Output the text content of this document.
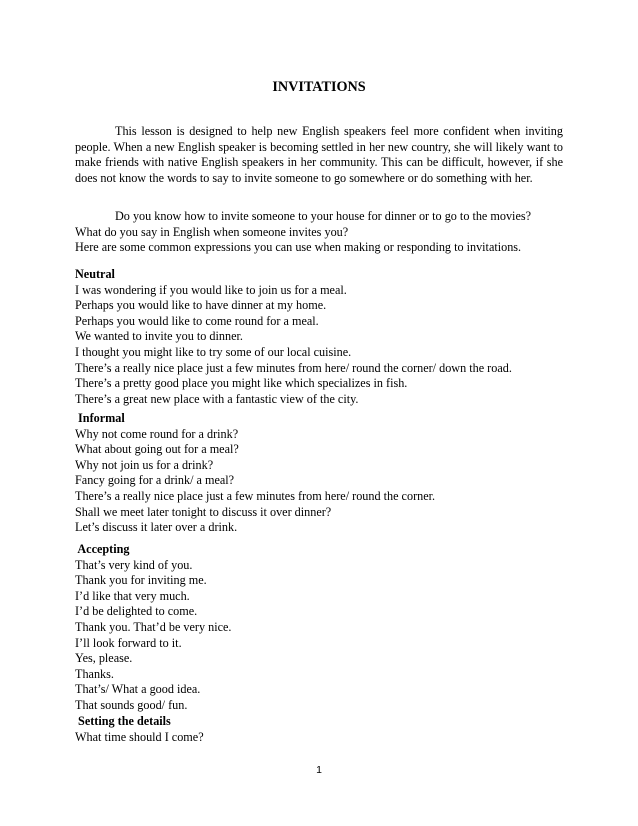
INVITATIONS

This lesson is designed to help new English speakers feel more confident when inviting people. When a new English speaker is becoming settled in her new country, she will likely want to make friends with native English speakers in her community. This can be difficult, however, if she does not know the words to say to invite someone to go somewhere or do something with her.

Do you know how to invite someone to your house for dinner or to go to the movies?
What do you say in English when someone invites you?
Here are some common expressions you can use when making or responding to invitations.
Neutral
I was wondering if you would like to join us for a meal.
Perhaps you would like to have dinner at my home.
Perhaps you would like to come round for a meal.
We wanted to invite you to dinner.
I thought you might like to try some of our local cuisine.
There’s a really nice place just a few minutes from here/ round the corner/ down the road.
There’s a pretty good place you might like which specializes in fish.
There’s a great new place with a fantastic view of the city.
Informal
Why not come round for a drink?
What about going out for a meal?
Why not join us for a drink?
Fancy going for a drink/ a meal?
There’s a really nice place just a few minutes from here/ round the corner.
Shall we meet later tonight to discuss it over dinner?
Let’s discuss it later over a drink.
Accepting
That’s very kind of you.
Thank you for inviting me.
I’d like that very much.
I’d be delighted to come.
Thank you. That’d be very nice.
I’ll look forward to it.
Yes, please.
Thanks.
That’s/ What a good idea.
That sounds good/ fun.
Setting the details
What time should I come?
1
